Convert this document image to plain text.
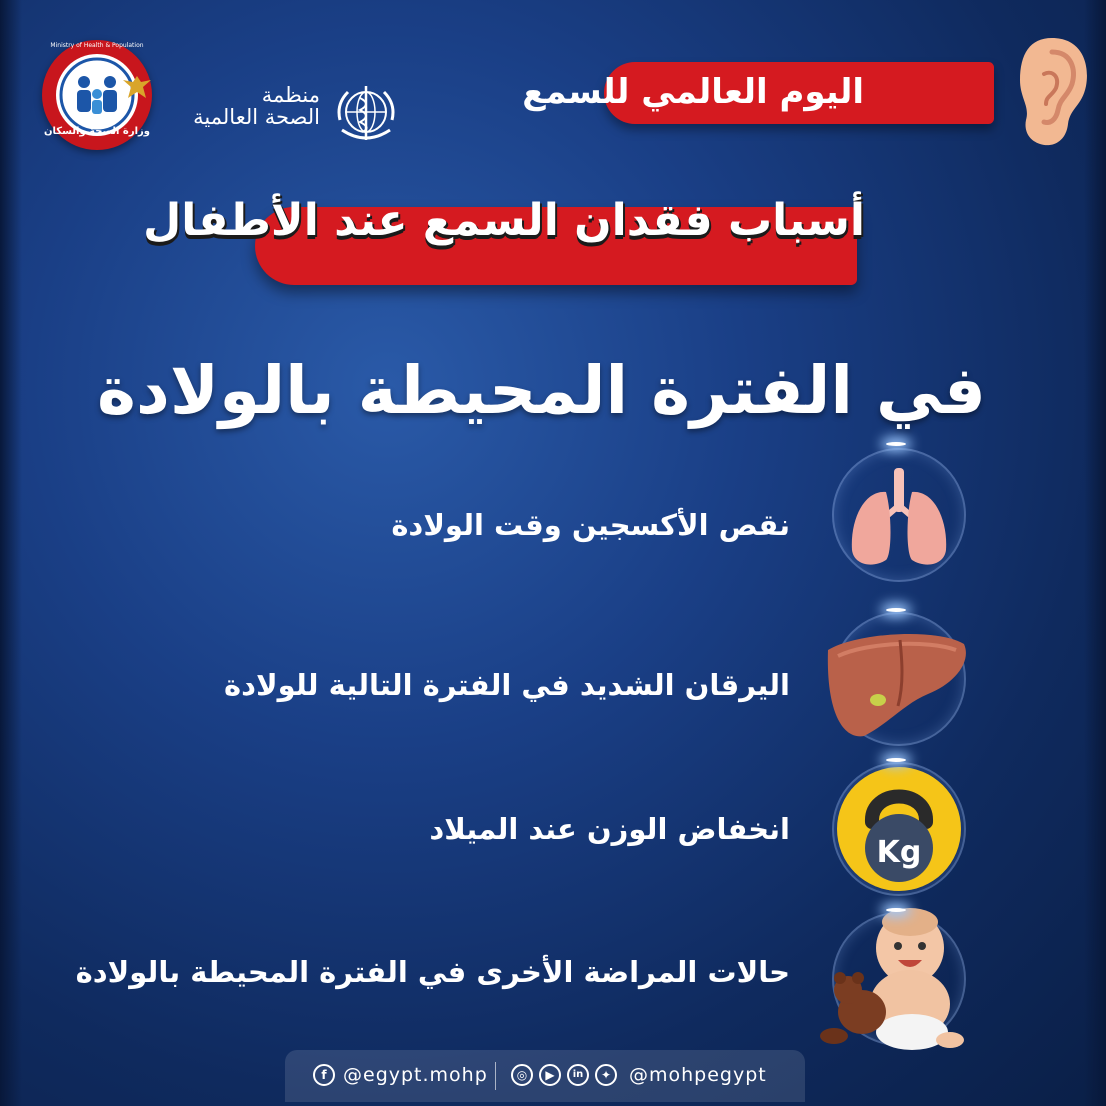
وزارة الصحة والسكان
Ministry of Health & Population
منظمة
الصحة العالمية
اليوم العالمي للسمع
أسباب فقدان السمع عند الأطفال
في الفترة المحيطة بالولادة
نقص الأكسجين وقت الولادة
اليرقان الشديد في الفترة التالية للولادة
Kg
انخفاض الوزن عند الميلاد
حالات المراضة الأخرى في الفترة المحيطة بالولادة
f @egypt.mohp	◎	▶	in	✦ @mohpegypt
